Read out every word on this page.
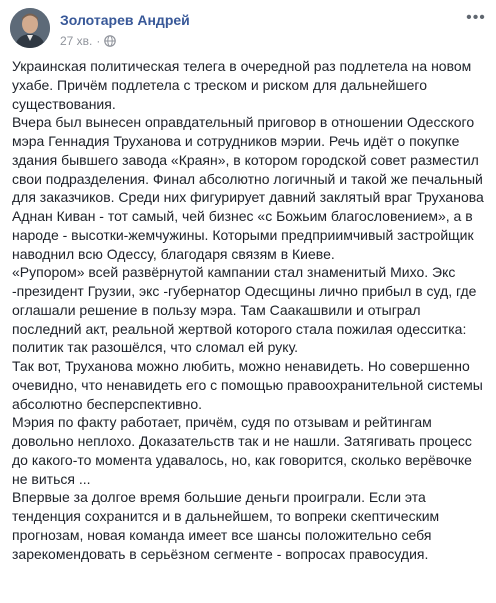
Золотарев Андрей
27 хв. ·
•••

Украинская политическая телега в очередной раз подлетела на новом ухабе. Причём подлетела с треском и риском для дальнейшего существования.

Вчера был вынесен оправдательный приговор в отношении Одесского мэра Геннадия Труханова и сотрудников мэрии. Речь идёт о покупке здания бывшего завода «Краян», в котором городской совет разместил свои подразделения. Финал абсолютно логичный и такой же печальный для заказчиков. Среди них фигурирует давний заклятый враг Труханова Аднан Киван - тот самый, чей бизнес «с Божьим благословением», а в народе - высотки-жемчужины. Которыми предприимчивый застройщик наводнил всю Одессу, благодаря связям в Киеве.

«Рупором» всей развёрнутой кампании стал знаменитый Михо. Экс -президент Грузии, экс -губернатор Одесщины лично прибыл в суд, где оглашали решение в пользу мэра. Там Саакашвили и отыграл последний акт, реальной жертвой которого стала пожилая одесситка: политик так разошёлся, что сломал ей руку.

Так вот, Труханова можно любить, можно ненавидеть. Но совершенно очевидно, что ненавидеть его с помощью правоохранительной системы абсолютно бесперспективно.

Мэрия по факту работает, причём, судя по отзывам и рейтингам довольно неплохо. Доказательств так и не нашли. Затягивать процесс до какого-то момента удавалось, но, как говорится, сколько верёвочке не виться ...

Впервые за долгое время большие деньги проиграли. Если эта тенденция сохранится и в дальнейшем, то вопреки скептическим прогнозам, новая команда имеет все шансы положительно себя зарекомендовать в серьёзном сегменте - вопросах правосудия.
